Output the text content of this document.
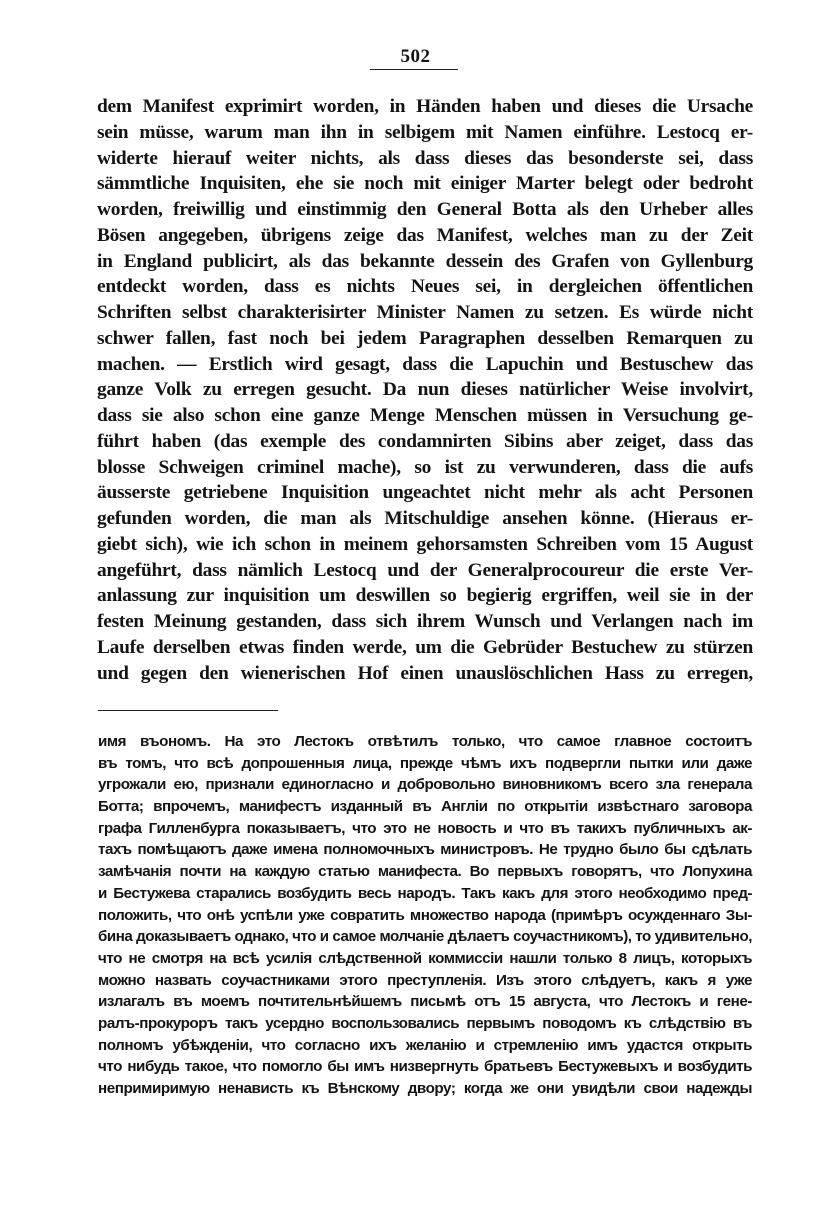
502
dem Manifest exprimirt worden, in Händen haben und dieses die Ursache
sein müsse, warum man ihn in selbigem mit Namen einführe. Lestocq er-
widerte hierauf weiter nichts, als dass dieses das besonderste sei, dass
sämmtliche Inquisiten, ehe sie noch mit einiger Marter belegt oder bedroht
worden, freiwillig und einstimmig den General Botta als den Urheber alles
Bösen angegeben, übrigens zeige das Manifest, welches man zu der Zeit
in England publicirt, als das bekannte dessein des Grafen von Gyllenburg
entdeckt worden, dass es nichts Neues sei, in dergleichen öffentlichen
Schriften selbst charakterisirter Minister Namen zu setzen. Es würde nicht
schwer fallen, fast noch bei jedem Paragraphen desselben Remarquen zu
machen. — Erstlich wird gesagt, dass die Lapuchin und Bestuschew das
ganze Volk zu erregen gesucht. Da nun dieses natürlicher Weise involvirt,
dass sie also schon eine ganze Menge Menschen müssen in Versuchung ge-
führt haben (das exemple des condamnirten Sibins aber zeiget, dass das
blosse Schweigen criminel mache), so ist zu verwunderen, dass die aufs
äusserste getriebene Inquisition ungeachtet nicht mehr als acht Personen
gefunden worden, die man als Mitschuldige ansehen könne. (Hieraus er-
giebt sich), wie ich schon in meinem gehorsamsten Schreiben vom 15 August
angeführt, dass nämlich Lestocq und der Generalprocoureur die erste Ver-
anlassung zur inquisition um deswillen so begierig ergriffen, weil sie in der
festen Meinung gestanden, dass sich ihrem Wunsch und Verlangen nach im
Laufe derselben etwas finden werde, um die Gebrüder Bestuchew zu stürzen
und gegen den wienerischen Hof einen unauslöschlichen Hass zu erregen,
имя въономъ. На это Лестокъ отвѣтилъ только, что самое главное состоитъ
въ томъ, что всѣ допрошенныя лица, прежде чѣмъ ихъ подвергли пытки или даже
угрожали ею, признали единогласно и добровольно виновникомъ всего зла генерала
Ботта; впрочемъ, манифестъ изданный въ Англіи по открытіи извѣстнаго заговора
графа Гилленбурга показываетъ, что это не новость и что въ такихъ публичныхъ ак-
тахъ помѣщаютъ даже имена полномочныхъ министровъ. Не трудно было бы сдѣлать
замѣчанія почти на каждую статью манифеста. Во первыхъ говорятъ, что Лопухина
и Бестужева старались возбудить весь народъ. Такъ какъ для этого необходимо пред-
положить, что онѣ успѣли уже совратить множество народа (примѣръ осужденнаго Зы-
бина доказываетъ однако, что и самое молчаніе дѣлаетъ соучастникомъ), то удивительно,
что не смотря на всѣ усилія слѣдственной коммиссіи нашли только 8 лицъ, которыхъ
можно назвать соучастниками этого преступленія. Изъ этого слѣдуетъ, какъ я уже
излагалъ въ моемъ почтительнѣйшемъ письмѣ отъ 15 августа, что Лестокъ и гене-
ралъ-прокуроръ такъ усердно воспользовались первымъ поводомъ къ слѣдствію въ
полномъ убѣжденіи, что согласно ихъ желанію и стремленію имъ удастся открыть
что нибудь такое, что помогло бы имъ низвергнуть братьевъ Бестужевыхъ и возбудить
непримиримую ненависть къ Вѣнскому двору; когда же они увидѣли свои надежды
